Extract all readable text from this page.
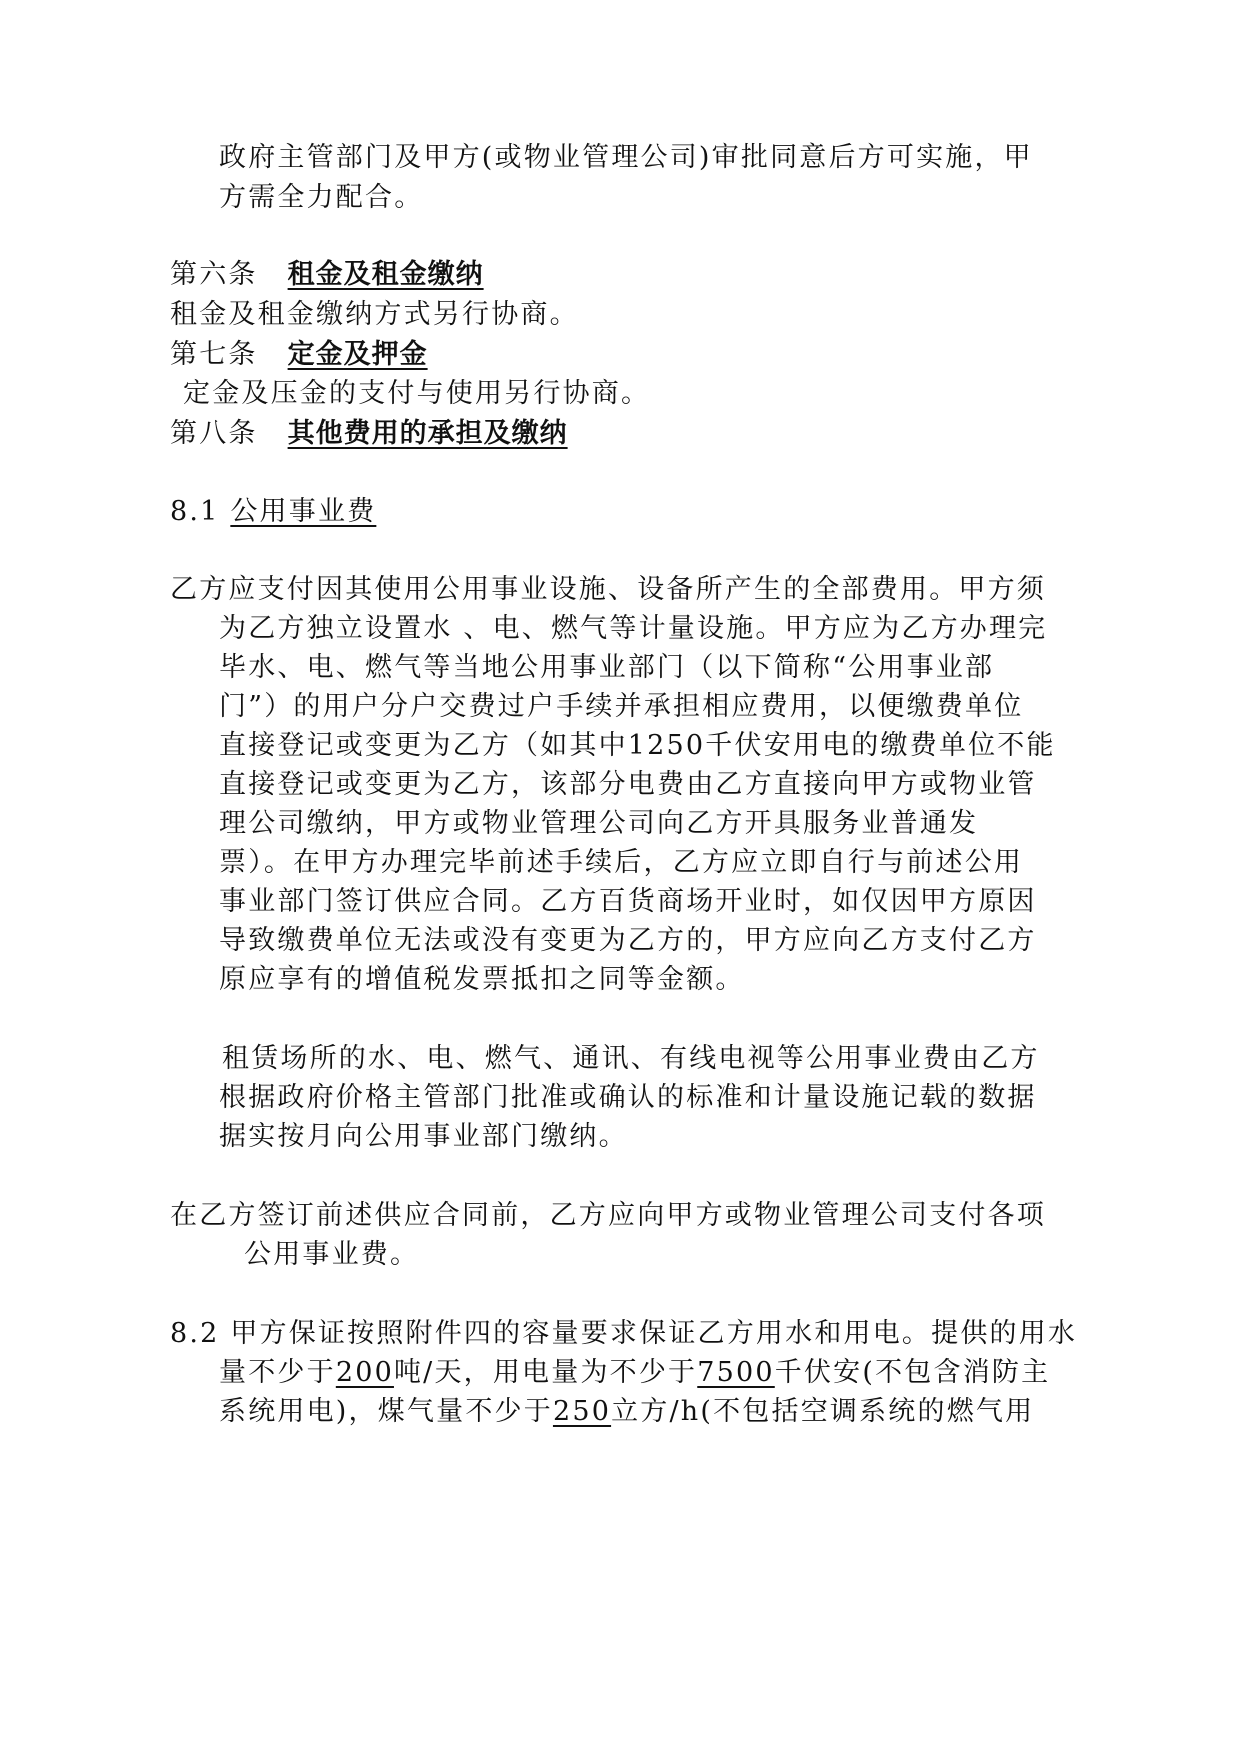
政府主管部门及甲方(或物业管理公司)审批同意后方可实施，甲
方需全力配合。
第六条 租金及租金缴纳
租金及租金缴纳方式另行协商。
第七条 定金及押金
定金及压金的支付与使用另行协商。
第八条 其他费用的承担及缴纳
8.1 公用事业费
乙方应支付因其使用公用事业设施、设备所产生的全部费用。甲方须
为乙方独立设置水 、电、燃气等计量设施。甲方应为乙方办理完
毕水、电、燃气等当地公用事业部门（以下简称“公用事业部
门”）的用户分户交费过户手续并承担相应费用，以便缴费单位
直接登记或变更为乙方（如其中1250千伏安用电的缴费单位不能
直接登记或变更为乙方，该部分电费由乙方直接向甲方或物业管
理公司缴纳，甲方或物业管理公司向乙方开具服务业普通发
票）。在甲方办理完毕前述手续后，乙方应立即自行与前述公用
事业部门签订供应合同。乙方百货商场开业时，如仅因甲方原因
导致缴费单位无法或没有变更为乙方的，甲方应向乙方支付乙方
原应享有的增值税发票抵扣之同等金额。
租赁场所的水、电、燃气、通讯、有线电视等公用事业费由乙方
根据政府价格主管部门批准或确认的标准和计量设施记载的数据
据实按月向公用事业部门缴纳。
在乙方签订前述供应合同前，乙方应向甲方或物业管理公司支付各项
公用事业费。
8.2 甲方保证按照附件四的容量要求保证乙方用水和用电。提供的用水
量不少于200吨/天，用电量为不少于7500千伏安(不包含消防主
系统用电)，煤气量不少于250立方/h(不包括空调系统的燃气用
